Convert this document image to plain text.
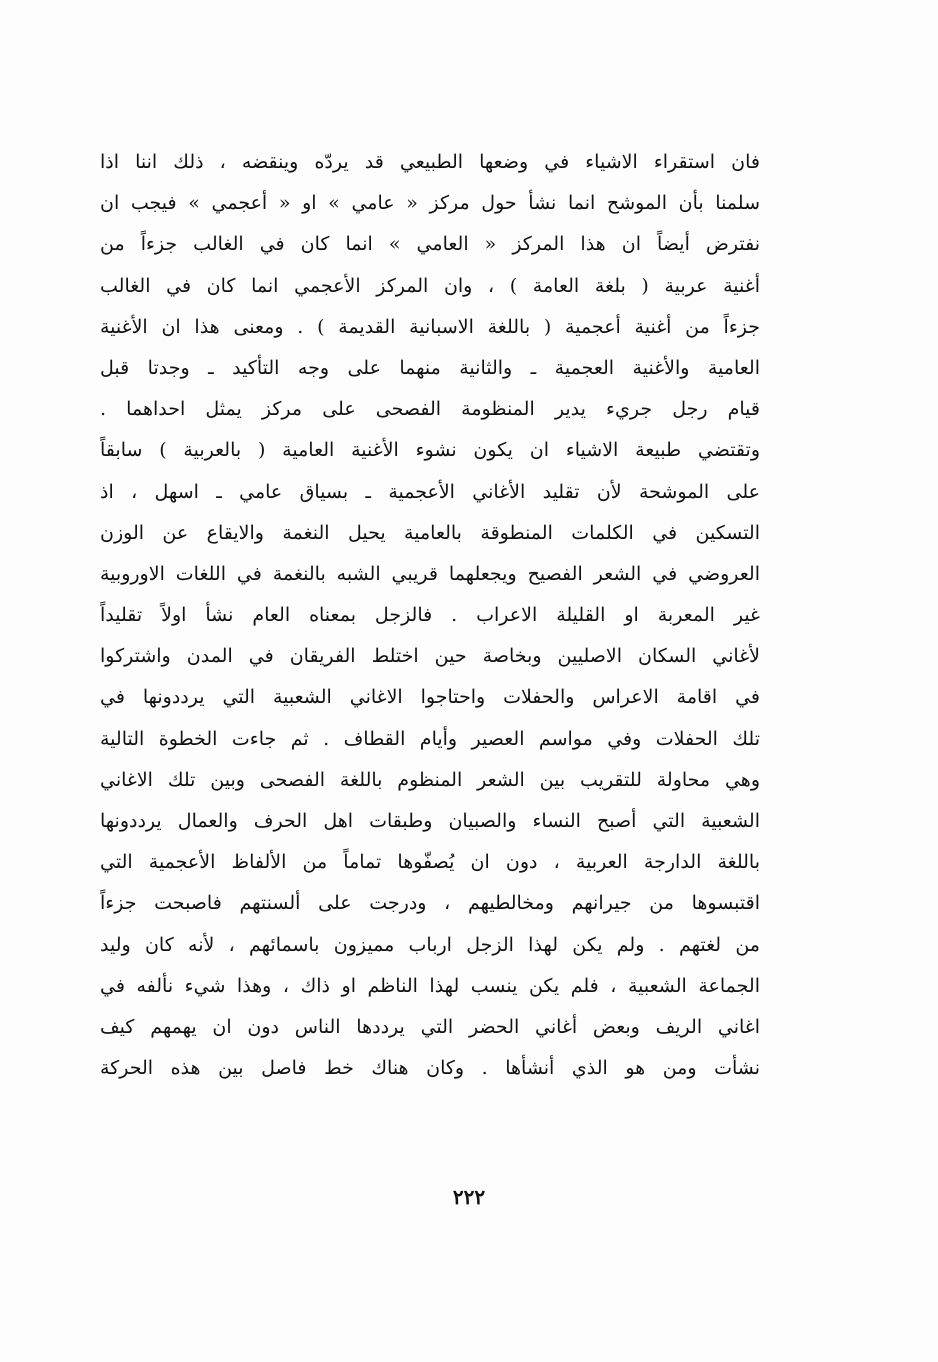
فان استقراء الاشياء في وضعها الطبيعي قد يردّه وينقضه ، ذلك اننا اذا
سلمنا بأن الموشح انما نشأ حول مركز « عامي » او « أعجمي » فيجب ان
نفترض أيضاً ان هذا المركز « العامي » انما كان في الغالب جزءاً من
أغنية عربية ( بلغة العامة ) ، وان المركز الأعجمي انما كان في الغالب
جزءاً من أغنية أعجمية ( باللغة الاسبانية القديمة ) . ومعنى هذا ان الأغنية
العامية والأغنية العجمية ـ والثانية منهما على وجه التأكيد ـ وجدتا قبل
قيام رجل جريء يدير المنظومة الفصحى على مركز يمثل احداهما .
وتقتضي طبيعة الاشياء ان يكون نشوء الأغنية العامية ( بالعربية ) سابقاً
على الموشحة لأن تقليد الأغاني الأعجمية ـ بسياق عامي ـ اسهل ، اذ
التسكين في الكلمات المنطوقة بالعامية يحيل النغمة والايقاع عن الوزن
العروضي في الشعر الفصيح ويجعلهما قريبي الشبه بالنغمة في اللغات الاوروبية
غير المعربة او القليلة الاعراب . فالزجل بمعناه العام نشأ اولاً تقليداً
لأغاني السكان الاصليين وبخاصة حين اختلط الفريقان في المدن واشتركوا
في اقامة الاعراس والحفلات واحتاجوا الاغاني الشعبية التي يرددونها في
تلك الحفلات وفي مواسم العصير وأيام القطاف . ثم جاءت الخطوة التالية
وهي محاولة للتقريب بين الشعر المنظوم باللغة الفصحى وبين تلك الاغاني
الشعبية التي أصبح النساء والصبيان وطبقات اهل الحرف والعمال يرددونها
باللغة الدارجة العربية ، دون ان يُصفّوها تماماً من الألفاظ الأعجمية التي
اقتبسوها من جيرانهم ومخالطيهم ، ودرجت على ألسنتهم فاصبحت جزءاً
من لغتهم . ولم يكن لهذا الزجل ارباب مميزون باسمائهم ، لأنه كان وليد
الجماعة الشعبية ، فلم يكن ينسب لهذا الناظم او ذاك ، وهذا شيء نألفه في
اغاني الريف وبعض أغاني الحضر التي يرددها الناس دون ان يهمهم كيف
نشأت ومن هو الذي أنشأها . وكان هناك خط فاصل بين هذه الحركة
٢٢٢
